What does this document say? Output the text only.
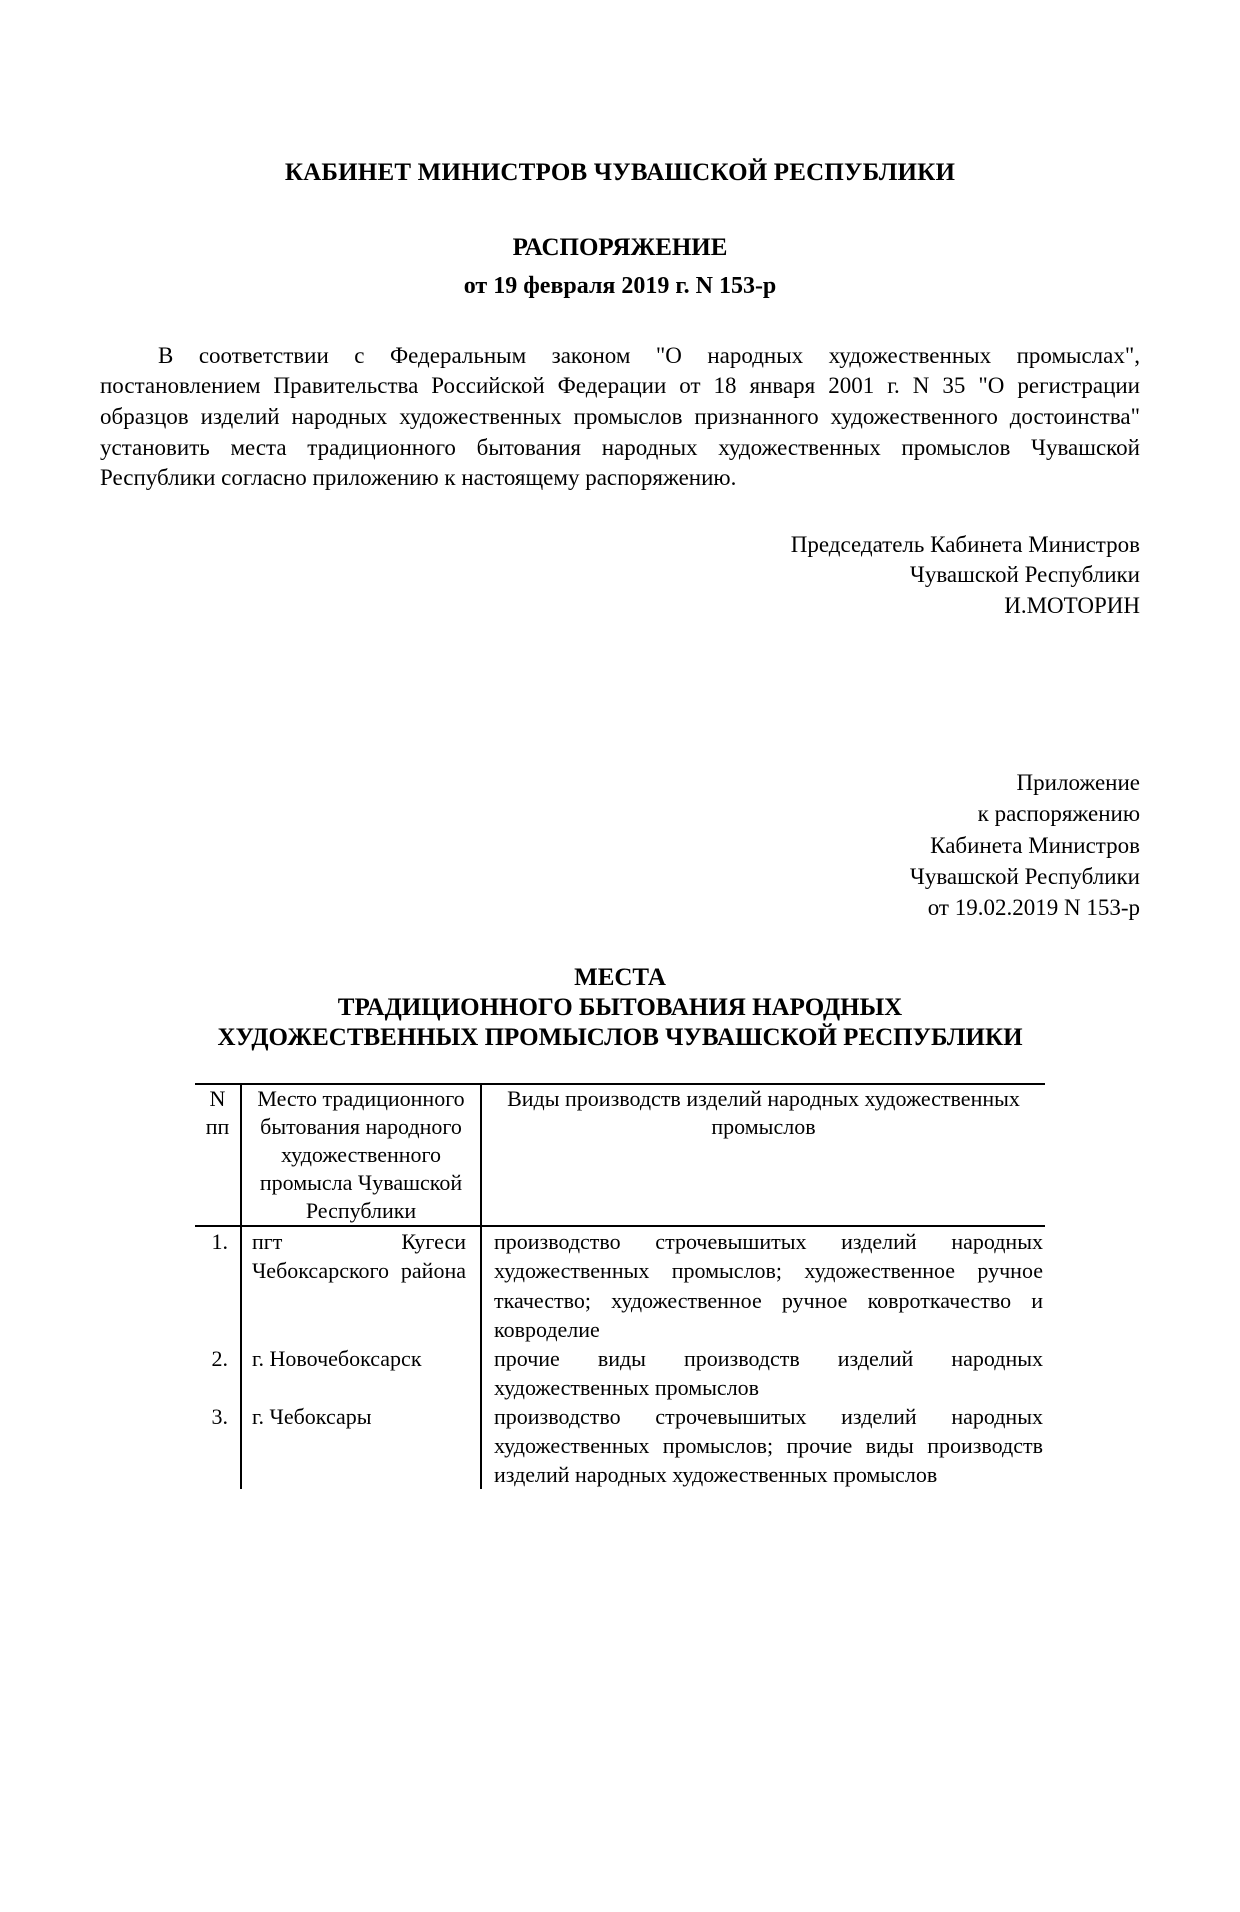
КАБИНЕТ МИНИСТРОВ ЧУВАШСКОЙ РЕСПУБЛИКИ
РАСПОРЯЖЕНИЕ
от 19 февраля 2019 г. N 153-р
В соответствии с Федеральным законом "О народных художественных промыслах", постановлением Правительства Российской Федерации от 18 января 2001 г. N 35 "О регистрации образцов изделий народных художественных промыслов признанного художественного достоинства" установить места традиционного бытования народных художественных промыслов Чувашской Республики согласно приложению к настоящему распоряжению.
Председатель Кабинета Министров
Чувашской Республики
И.МОТОРИН
Приложение
к распоряжению
Кабинета Министров
Чувашской Республики
от 19.02.2019 N 153-р
МЕСТА
ТРАДИЦИОННОГО БЫТОВАНИЯ НАРОДНЫХ
ХУДОЖЕСТВЕННЫХ ПРОМЫСЛОВ ЧУВАШСКОЙ РЕСПУБЛИКИ
N
пп	Место традиционного бытования народного художественного промысла Чувашской Республики	Виды производств изделий народных художественных промыслов
1.	пгт Кугеси Чебоксарского района	производство строчевышитых изделий народных художественных промыслов; художественное ручное ткачество; художественное ручное ковроткачество и ковроделие
2.	г. Новочебоксарск	прочие виды производств изделий народных художественных промыслов
3.	г. Чебоксары	производство строчевышитых изделий народных художественных промыслов; прочие виды производств изделий народных художественных промыслов
